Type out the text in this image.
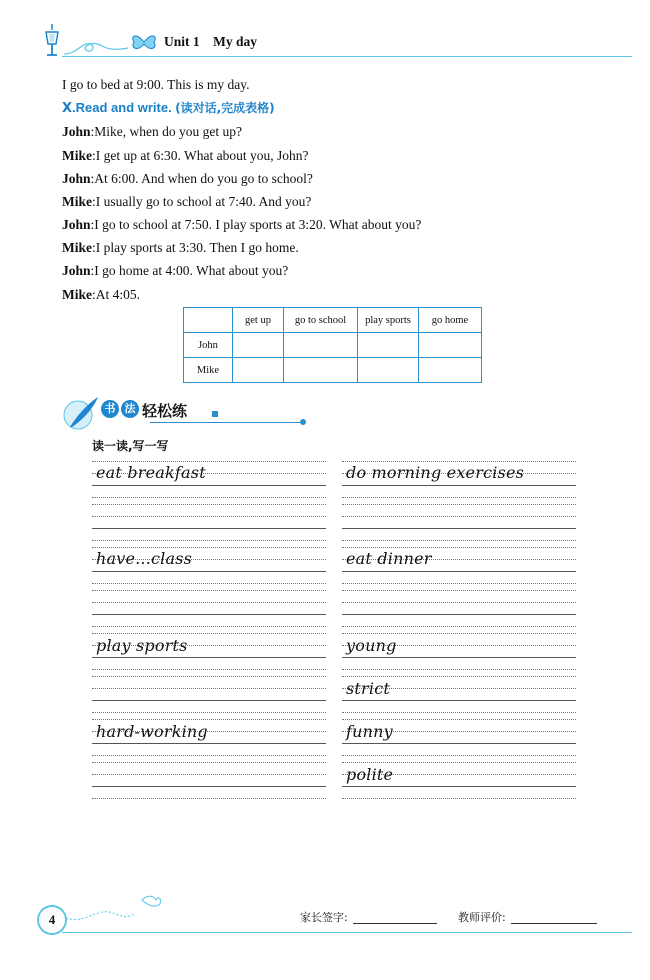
Unit 1 My day
I go to bed at 9:00. This is my day.
Ⅹ.Read and write. (读对话,完成表格)
John:Mike, when do you get up?
Mike:I get up at 6:30. What about you, John?
John:At 6:00. And when do you go to school?
Mike:I usually go to school at 7:40. And you?
John:I go to school at 7:50. I play sports at 3:20. What about you?
Mike:I play sports at 3:30. Then I go home.
John:I go home at 4:00. What about you?
Mike:At 4:05.
	get up	go to school	play sports	go home
John				
Mike				
书 法 轻松练
读一读,写一写
eat breakfast
have...class
play sports
hard-working
do morning exercises
eat dinner
young
strict
funny
polite
4	家长签字:	教师评价:
